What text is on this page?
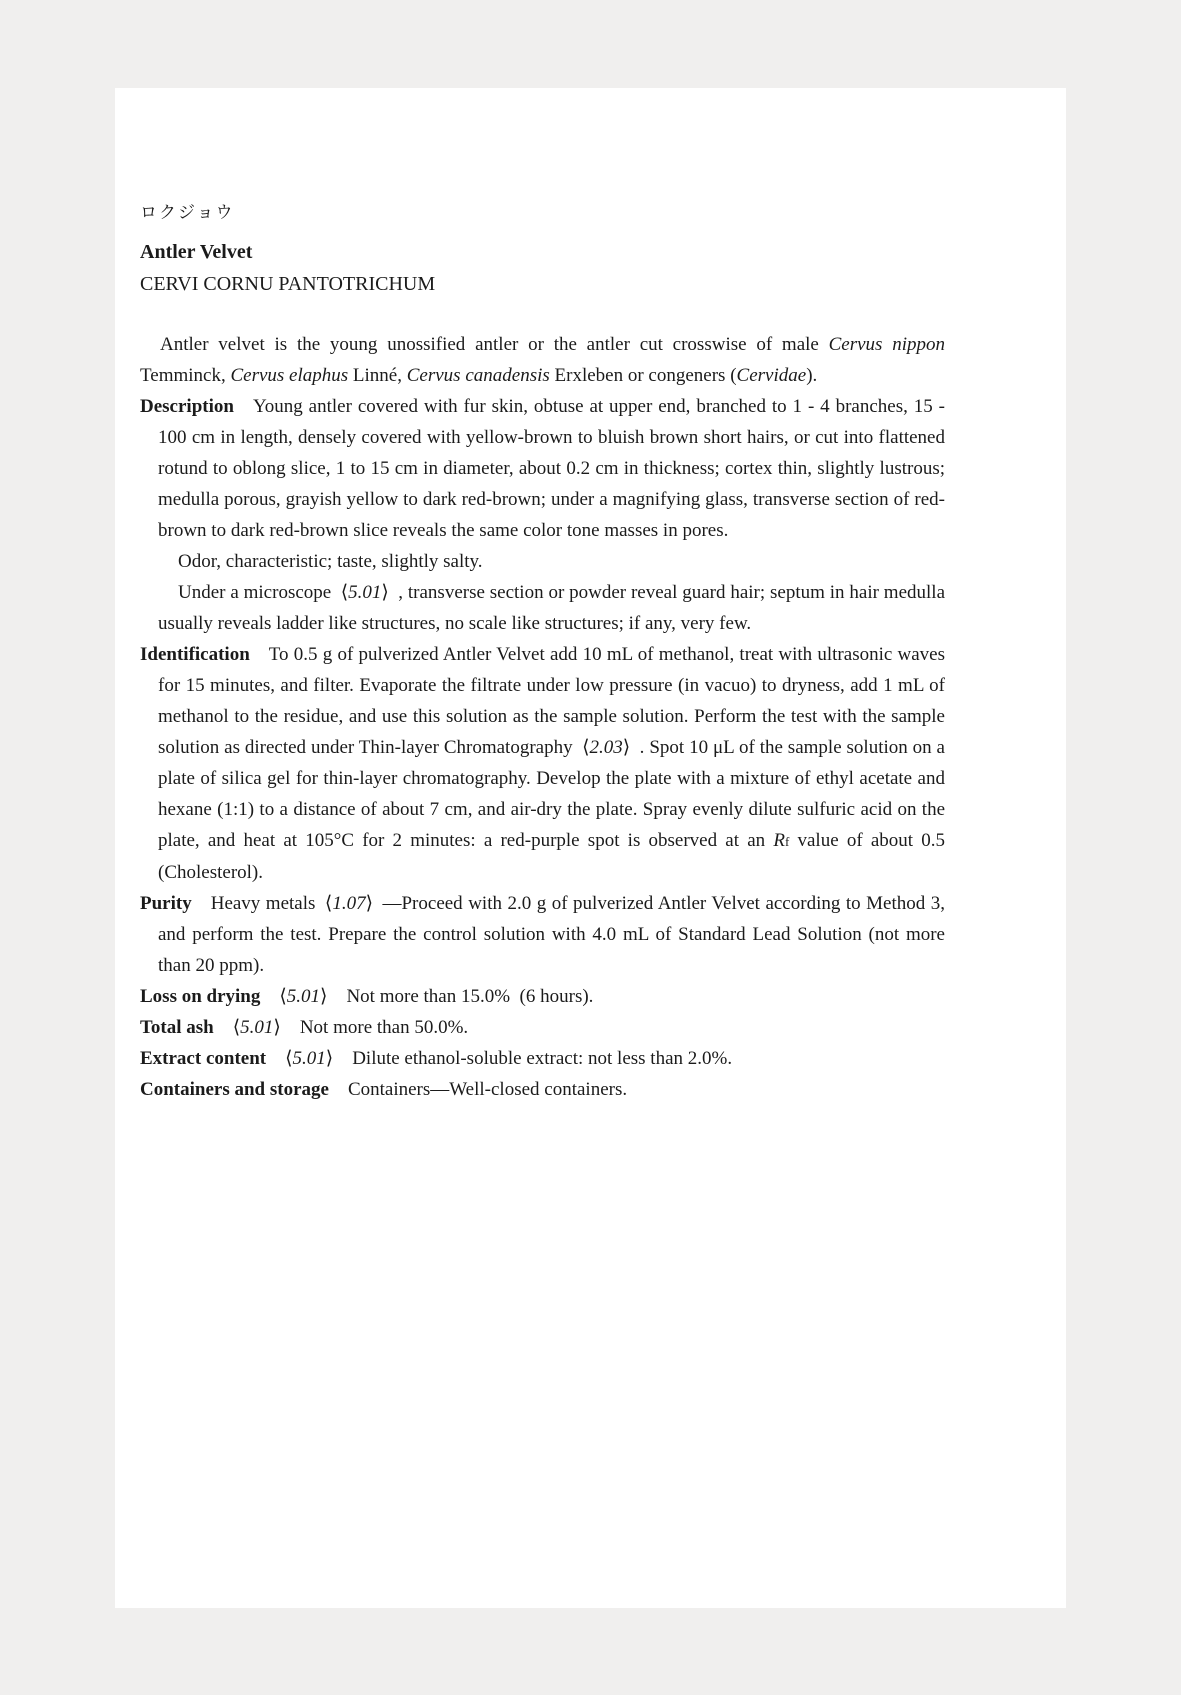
ロクジョウ
Antler Velvet
CERVI CORNU PANTOTRICHUM

Antler velvet is the young unossified antler or the antler cut crosswise of male Cervus nippon Temminck, Cervus elaphus Linné, Cervus canadensis Erxleben or congeners (Cervidae).

Description  Young antler covered with fur skin, obtuse at upper end, branched to 1 - 4 branches, 15 - 100 cm in length, densely covered with yellow-brown to bluish brown short hairs, or cut into flattened rotund to oblong slice, 1 to 15 cm in diameter, about 0.2 cm in thickness; cortex thin, slightly lustrous; medulla porous, grayish yellow to dark red-brown; under a magnifying glass, transverse section of red-brown to dark red-brown slice reveals the same color tone masses in pores.

Odor, characteristic; taste, slightly salty.

Under a microscope ⟨5.01⟩ , transverse section or powder reveal guard hair; septum in hair medulla usually reveals ladder like structures, no scale like structures; if any, very few.

Identification  To 0.5 g of pulverized Antler Velvet add 10 mL of methanol, treat with ultrasonic waves for 15 minutes, and filter. Evaporate the filtrate under low pressure (in vacuo) to dryness, add 1 mL of methanol to the residue, and use this solution as the sample solution. Perform the test with the sample solution as directed under Thin-layer Chromatography ⟨2.03⟩ . Spot 10 μL of the sample solution on a plate of silica gel for thin-layer chromatography. Develop the plate with a mixture of ethyl acetate and hexane (1:1) to a distance of about 7 cm, and air-dry the plate. Spray evenly dilute sulfuric acid on the plate, and heat at 105°C for 2 minutes: a red-purple spot is observed at an Rf value of about 0.5 (Cholesterol).

Purity  Heavy metals ⟨1.07⟩ —Proceed with 2.0 g of pulverized Antler Velvet according to Method 3, and perform the test. Prepare the control solution with 4.0 mL of Standard Lead Solution (not more than 20 ppm).

Loss on drying  ⟨5.01⟩  Not more than 15.0% (6 hours).

Total ash  ⟨5.01⟩  Not more than 50.0%.

Extract content  ⟨5.01⟩  Dilute ethanol-soluble extract: not less than 2.0%.

Containers and storage  Containers—Well-closed containers.
